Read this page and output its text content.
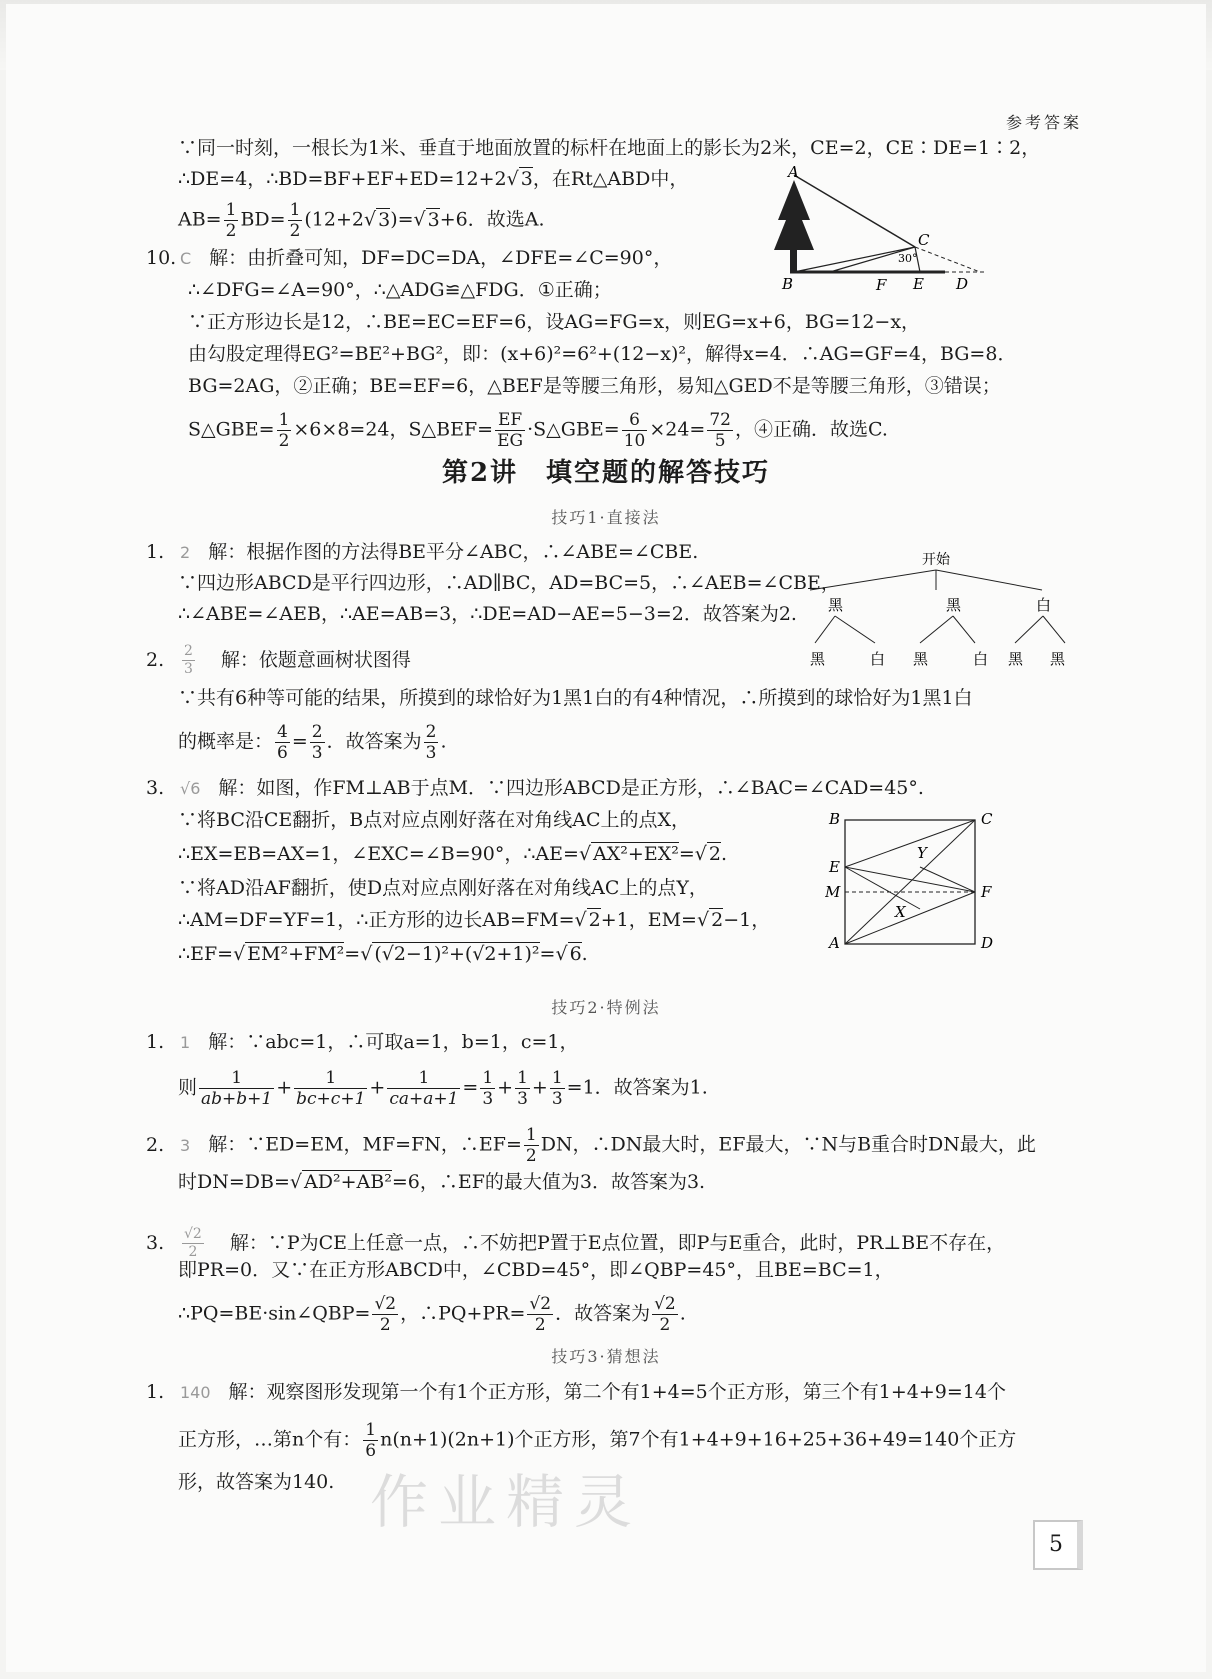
参考答案
∵同一时刻，一根长为1米、垂直于地面放置的标杆在地面上的影长为2米，CE=2，CE∶DE=1∶2，
∴DE=4，∴BD=BF+EF+ED=12+2√ 3，在Rt△ABD中，
$AB= \frac{1}{2} BD= \frac{1}{2} (12+2√$ 3)=√ 3+6．故选A.
A
B
C
F E D
30°
10. C 解：由折叠可知，DF=DC=DA，∠DFE=∠C=90°，
∴∠DFG=∠A=90°，∴△ADG≌△FDG．①正确；
∵正方形边长是12，∴BE=EC=EF=6，设AG=FG=x，则EG=x+6，BG=12−x，
由勾股定理得EG²=BE²+BG²，即：(x+6)²=6²+(12−x)²，解得x=4．∴AG=GF=4，BG=8．
BG=2AG，②正确；BE=EF=6，△BEF是等腰三角形，易知△GED不是等腰三角形，③错误；
S△GBE= $\frac{1}{2} \times 6\times 8=24$，S△BEF= $\frac{EF}{EG}$ ·S△GBE= $\frac{6}{10} \times 24= \frac{72}{5}$ ，④正确．故选C.
第2讲　填空题的解答技巧
技巧1·直接法
1. 2 解：根据作图的方法得BE平分∠ABC，∴∠ABE=∠CBE.
∵四边形ABCD是平行四边形，∴AD∥BC，AD=BC=5，∴∠AEB=∠CBE，
∴∠ABE=∠AEB，∴AE=AB=3，∴DE=AD−AE=5−3=2．故答案为2.
开始
黑	黑	白
黑	白 黑	白 黑 黑
2. $\frac{2}{3}$ 解：依题意画树状图得
∵共有6种等可能的结果，所摸到的球恰好为1黑1白的有4种情况，∴所摸到的球恰好为1黑1白
的概率是： $\frac{4}{6} = \frac{2}{3}$ ．故答案为 $\frac{2}{3}$ .
3. √6 解：如图，作FM⊥AB于点M．∵四边形ABCD是正方形，∴∠BAC=∠CAD=45°.
∵将BC沿CE翻折，B点对应点刚好落在对角线AC上的点X，
∴EX=EB=AX=1，∠EXC=∠B=90°，∴AE=√ AX²+EX²=√ 2.
∵将AD沿AF翻折，使D点对应点刚好落在对角线AC上的点Y，
∴AM=DF=YF=1，∴正方形的边长AB=FM=√ 2+1，EM=√ 2−1，
∴EF=√ EM²+FM²=√ (√2−1)²+(√2+1)²=√ 6.
B	C
E
M	F
A	D
X
Y
技巧2·特例法
1. 1 解：∵abc=1，∴可取a=1，b=1，c=1，
则 $\frac{1}{ab+b+1} + \frac{1}{bc+c+1} + \frac{1}{ca+a+1} = \frac{1}{3} + \frac{1}{3} + \frac{1}{3} =1$．故答案为1.
2. 3 解：∵ED=EM，MF=FN，∴EF= $\frac{1}{2}$ DN，∴DN最大时，EF最大，∵N与B重合时DN最大，此
时DN=DB=√ AD²+AB²=6，∴EF的最大值为3．故答案为3.
3. $\frac{√2}{2}$ 解：∵P为CE上任意一点，∴不妨把P置于E点位置，即P与E重合，此时，PR⊥BE不存在，
即PR=0．又∵在正方形ABCD中，∠CBD=45°，即∠QBP=45°，且BE=BC=1，
∴PQ=BE·sin∠QBP= $\frac{√2}{2}$ ，∴PQ+PR= $\frac{√2}{2}$ ．故答案为 $\frac{√2}{2}$ .
技巧3·猜想法
1. 140 解：观察图形发现第一个有1个正方形，第二个有1+4=5个正方形，第三个有1+4+9=14个
正方形，…第n个有： $\frac{1}{6} n(n+1)(2n+1)$个正方形，第7个有1+4+9+16+25+36+49=140个正方
形，故答案为140. 作业精灵
5
